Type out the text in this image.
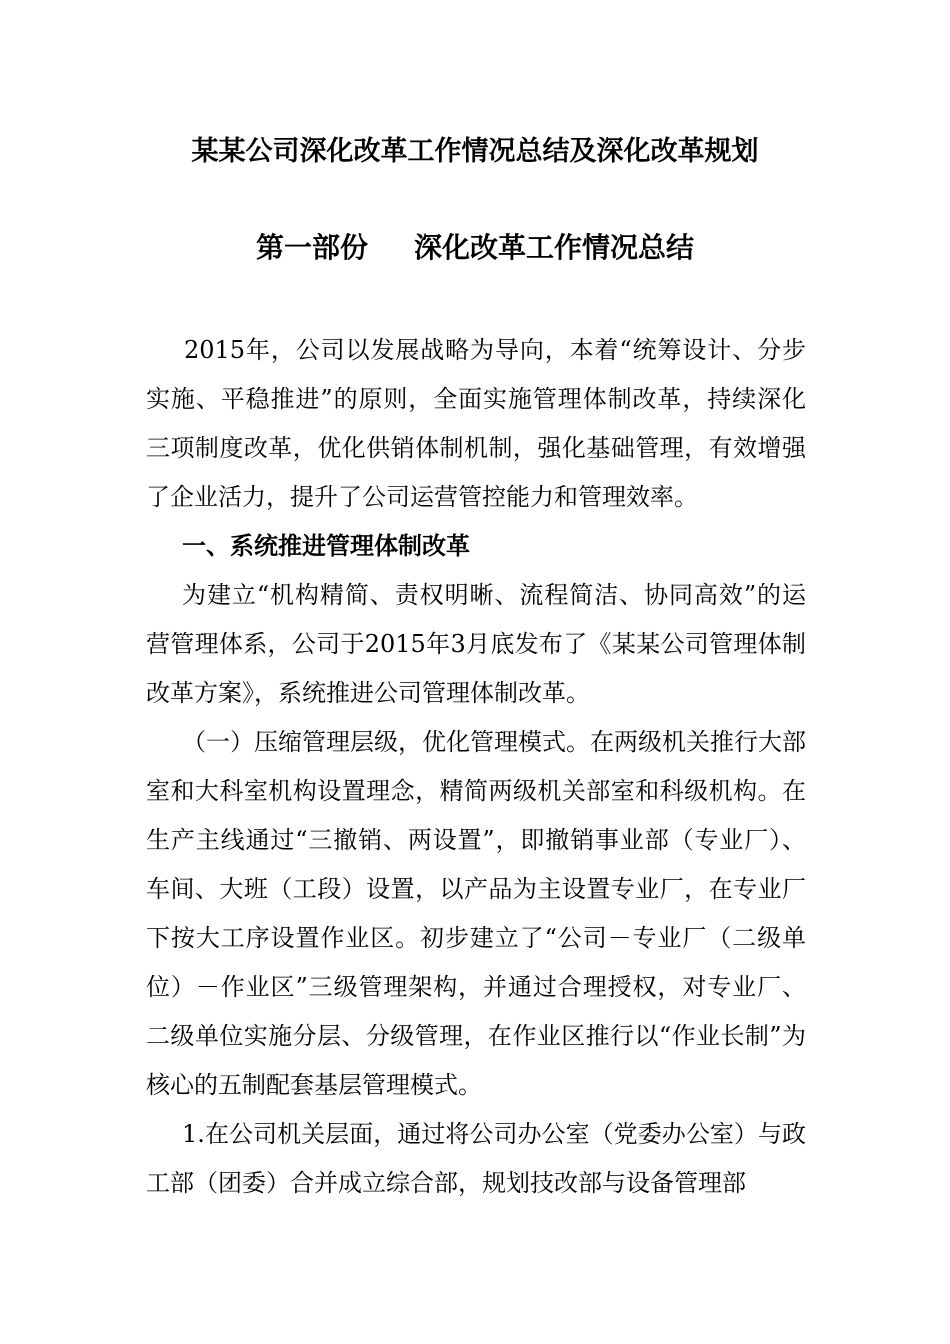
某某公司深化改革工作情况总结及深化改革规划
第一部份 深化改革工作情况总结

2015年，公司以发展战略为导向，本着“统筹设计、分步实施、平稳推进”的原则，全面实施管理体制改革，持续深化三项制度改革，优化供销体制机制，强化基础管理，有效增强了企业活力，提升了公司运营管控能力和管理效率。

一、系统推进管理体制改革

为建立“机构精简、责权明晰、流程简洁、协同高效”的运营管理体系，公司于2015年3月底发布了《某某公司管理体制改革方案》，系统推进公司管理体制改革。

（一）压缩管理层级，优化管理模式。在两级机关推行大部室和大科室机构设置理念，精简两级机关部室和科级机构。在生产主线通过“三撤销、两设置”，即撤销事业部（专业厂）、车间、大班（工段）设置，以产品为主设置专业厂，在专业厂下按大工序设置作业区。初步建立了“公司－专业厂（二级单位）－作业区”三级管理架构，并通过合理授权，对专业厂、二级单位实施分层、分级管理，在作业区推行以“作业长制”为核心的五制配套基层管理模式。

1.在公司机关层面，通过将公司办公室（党委办公室）与政工部（团委）合并成立综合部，规划技改部与设备管理部
